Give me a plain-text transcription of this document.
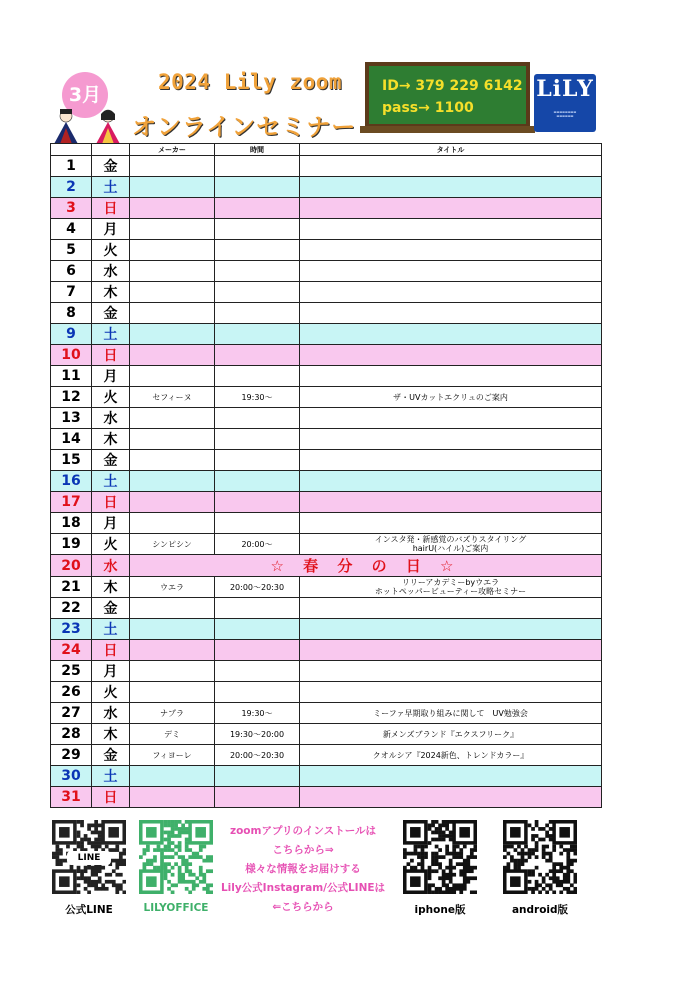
3月
2024 Lily zoom
オンラインセミナー
ID→ 379 229 6142
pass→ 1100
LiLY
▬▬▬▬▬▬▬▬
▬▬▬▬▬▬
		メーカー	時間	タイトル
1	金			
2	土			
3	日			
4	月			
5	火			
6	水			
7	木			
8	金			
9	土			
10	日			
11	月			
12	火	セフィーヌ	19:30～	ザ・UVカットエクリュのご案内
13	水			
14	木			
15	金			
16	土			
17	日			
18	月			
19	火	シンピシン	20:00～	インスタ発・新感覚のバズりスタイリング
hairU(ハイル)ご案内
20	水	☆ 春 分 の 日 ☆		
21	木	ウエラ	20:00～20:30	リリーアカデミーbyウエラ
ホットペッパービューティー攻略セミナー
22	金			
23	土			
24	日			
25	月			
26	火			
27	水	ナプラ	19:30～	ミーファ早期取り組みに関して　UV勉強会
28	木	デミ	19:30～20:00	新メンズブランド『エクスフリーク』
29	金	フィヨーレ	20:00～20:30	クオルシア『2024新色、トレンドカラー』
30	土			
31	日			
LINE
公式LINE	LILYOFFICE
zoomアプリのインストールは
こちらから⇒
様々な情報をお届けする
Lily公式Instagram/公式LINEは
⇐こちらから	iphone版	android版
